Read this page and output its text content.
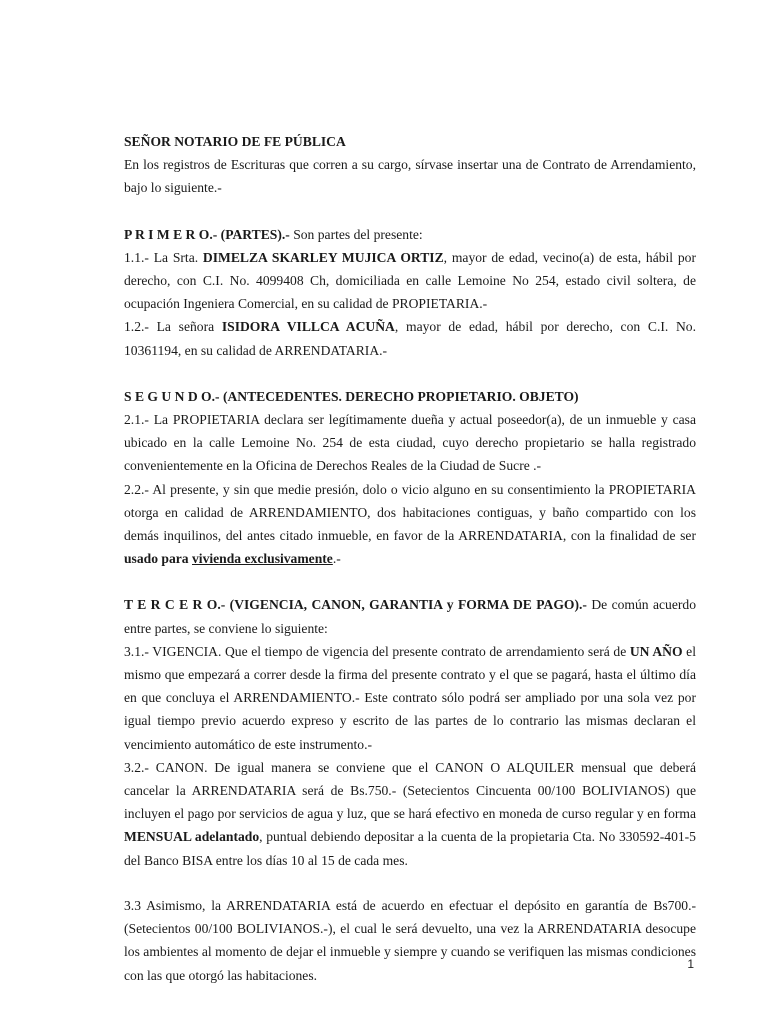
SEÑOR NOTARIO DE FE PÚBLICA

En los registros de Escrituras que corren a su cargo, sírvase insertar una de Contrato de Arrendamiento, bajo lo siguiente.-

P R I M E R O.- (PARTES).- Son partes del presente:

1.1.- La Srta. DIMELZA SKARLEY MUJICA ORTIZ, mayor de edad, vecino(a) de esta, hábil por derecho, con C.I. No. 4099408 Ch, domiciliada en calle Lemoine No 254, estado civil soltera, de ocupación Ingeniera Comercial, en su calidad de PROPIETARIA.-

1.2.- La señora ISIDORA VILLCA ACUÑA, mayor de edad, hábil por derecho, con C.I. No. 10361194, en su calidad de ARRENDATARIA.-

S E G U N D O.- (ANTECEDENTES. DERECHO PROPIETARIO. OBJETO)

2.1.- La PROPIETARIA declara ser legítimamente dueña y actual poseedor(a), de un inmueble y casa ubicado en la calle Lemoine No. 254 de esta ciudad, cuyo derecho propietario se halla registrado convenientemente en la Oficina de Derechos Reales de la Ciudad de Sucre .-

2.2.- Al presente, y sin que medie presión, dolo o vicio alguno en su consentimiento la PROPIETARIA otorga en calidad de ARRENDAMIENTO, dos habitaciones contiguas, y baño compartido con los demás inquilinos, del antes citado inmueble, en favor de la ARRENDATARIA, con la finalidad de ser usado para vivienda exclusivamente.-

T E R C E R O.- (VIGENCIA, CANON, GARANTIA y FORMA DE PAGO).- De común acuerdo entre partes, se conviene lo siguiente:

3.1.- VIGENCIA. Que el tiempo de vigencia del presente contrato de arrendamiento será de UN AÑO el mismo que empezará a correr desde la firma del presente contrato y el que se pagará, hasta el último día en que concluya el ARRENDAMIENTO.- Este contrato sólo podrá ser ampliado por una sola vez por igual tiempo previo acuerdo expreso y escrito de las partes de lo contrario las mismas declaran el vencimiento automático de este instrumento.-

3.2.- CANON. De igual manera se conviene que el CANON O ALQUILER mensual que deberá cancelar la ARRENDATARIA será de Bs.750.- (Setecientos Cincuenta 00/100 BOLIVIANOS) que incluyen el pago por servicios de agua y luz, que se hará efectivo en moneda de curso regular y en forma MENSUAL adelantado, puntual debiendo depositar a la cuenta de la propietaria Cta. No 330592-401-5 del Banco BISA entre los días 10 al 15 de cada mes.

3.3 Asimismo, la ARRENDATARIA está de acuerdo en efectuar el depósito en garantía de Bs700.- (Setecientos 00/100 BOLIVIANOS.-), el cual le será devuelto, una vez la ARRENDATARIA desocupe los ambientes al momento de dejar el inmueble y siempre y cuando se verifiquen las mismas condiciones con las que otorgó las habitaciones.

1
